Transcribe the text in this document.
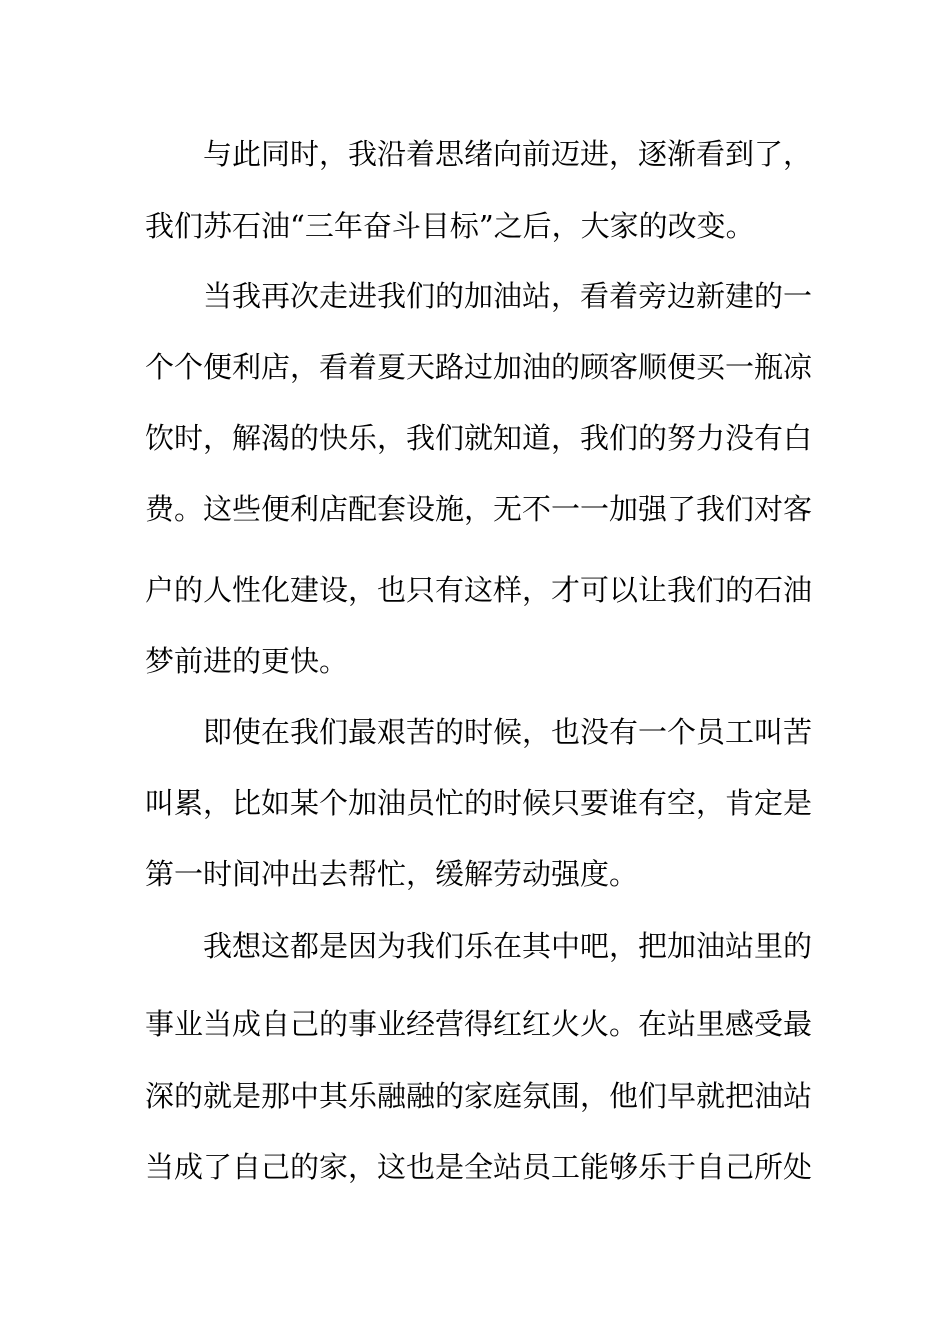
与此同时，我沿着思绪向前迈进，逐渐看到了，
我们苏石油“三年奋斗目标”之后，大家的改变。
当我再次走进我们的加油站，看着旁边新建的一
个个便利店，看着夏天路过加油的顾客顺便买一瓶凉
饮时，解渴的快乐，我们就知道，我们的努力没有白
费。这些便利店配套设施，无不一一加强了我们对客
户的人性化建设，也只有这样，才可以让我们的石油
梦前进的更快。
即使在我们最艰苦的时候，也没有一个员工叫苦
叫累，比如某个加油员忙的时候只要谁有空，肯定是
第一时间冲出去帮忙，缓解劳动强度。
我想这都是因为我们乐在其中吧，把加油站里的
事业当成自己的事业经营得红红火火。在站里感受最
深的就是那中其乐融融的家庭氛围，他们早就把油站
当成了自己的家，这也是全站员工能够乐于自己所处
